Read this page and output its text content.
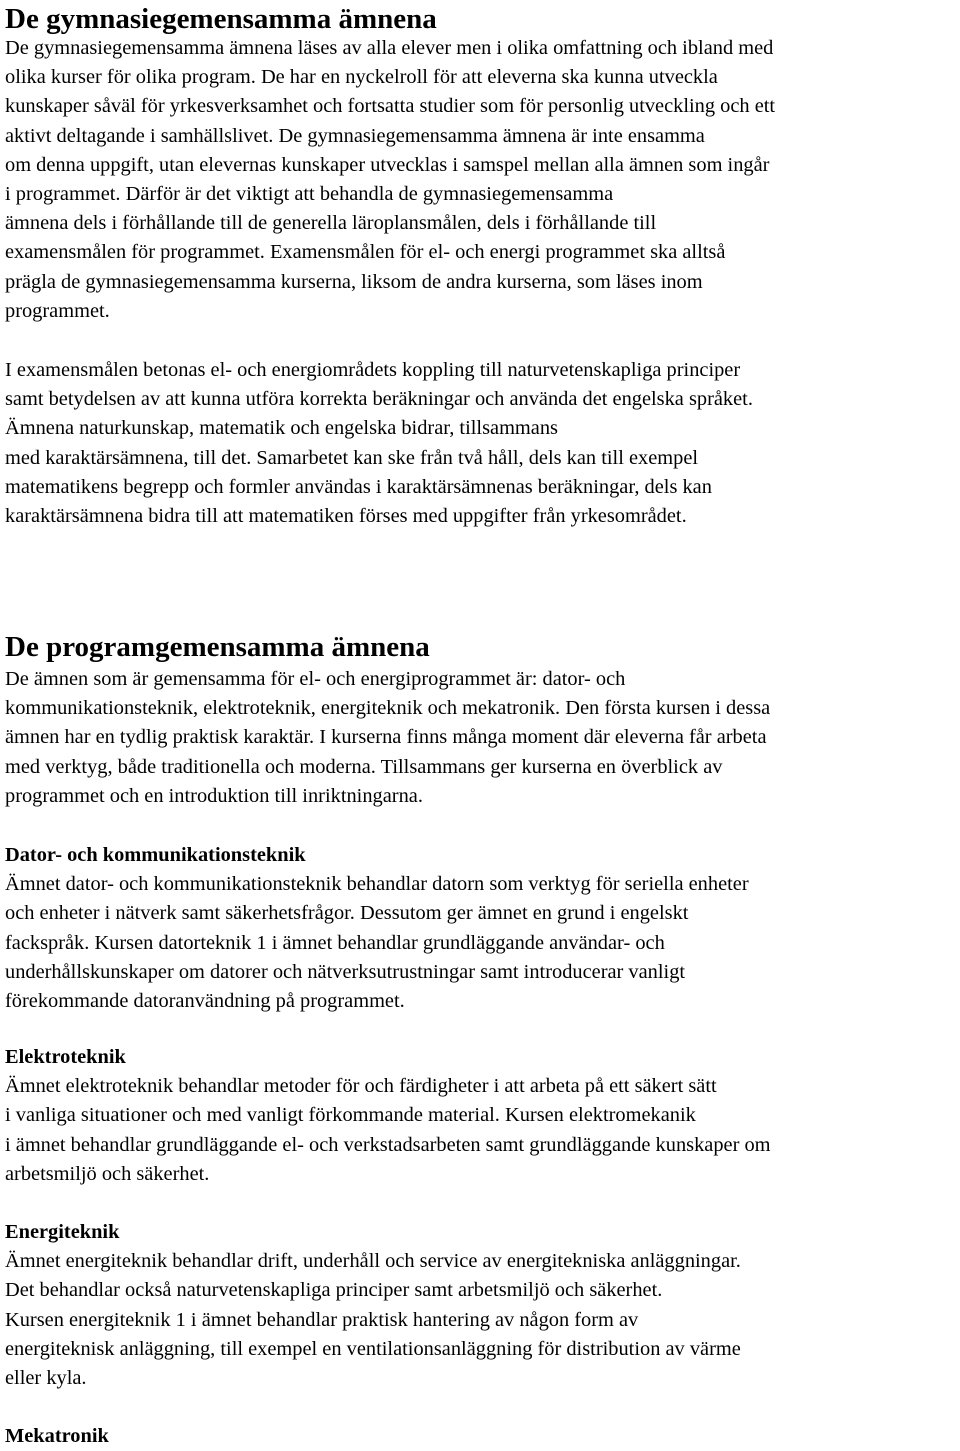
De gymnasiegemensamma ämnena

De gymnasiegemensamma ämnena läses av alla elever men i olika omfattning och ibland med
olika kurser för olika program. De har en nyckelroll för att eleverna ska kunna utveckla
kunskaper såväl för yrkesverksamhet och fortsatta studier som för personlig utveckling och ett
aktivt deltagande i samhällslivet. De gymnasiegemensamma ämnena är inte ensamma
om denna uppgift, utan elevernas kunskaper utvecklas i samspel mellan alla ämnen som ingår
i programmet. Därför är det viktigt att behandla de gymnasiegemensamma
ämnena dels i förhållande till de generella läroplansmålen, dels i förhållande till
examensmålen för programmet. Examensmålen för el- och energi programmet ska alltså
prägla de gymnasiegemensamma kurserna, liksom de andra kurserna, som läses inom
programmet.

I examensmålen betonas el- och energiområdets koppling till naturvetenskapliga principer
samt betydelsen av att kunna utföra korrekta beräkningar och använda det engelska språket.
Ämnena naturkunskap, matematik och engelska bidrar, tillsammans
med karaktärsämnena, till det. Samarbetet kan ske från två håll, dels kan till exempel
matematikens begrepp och formler användas i karaktärsämnenas beräkningar, dels kan
karaktärsämnena bidra till att matematiken förses med uppgifter från yrkesområdet.

De programgemensamma ämnena

De ämnen som är gemensamma för el- och energiprogrammet är: dator- och
kommunikationsteknik, elektroteknik, energiteknik och mekatronik. Den första kursen i dessa
ämnen har en tydlig praktisk karaktär. I kurserna finns många moment där eleverna får arbeta
med verktyg, både traditionella och moderna. Tillsammans ger kurserna en överblick av
programmet och en introduktion till inriktningarna.

Dator- och kommunikationsteknik

Ämnet dator- och kommunikationsteknik behandlar datorn som verktyg för seriella enheter
och enheter i nätverk samt säkerhetsfrågor. Dessutom ger ämnet en grund i engelskt
fackspråk. Kursen datorteknik 1 i ämnet behandlar grundläggande användar- och
underhållskunskaper om datorer och nätverksutrustningar samt introducerar vanligt
förekommande datoranvändning på programmet.

Elektroteknik

Ämnet elektroteknik behandlar metoder för och färdigheter i att arbeta på ett säkert sätt
i vanliga situationer och med vanligt förkommande material. Kursen elektromekanik
i ämnet behandlar grundläggande el- och verkstadsarbeten samt grundläggande kunskaper om
arbetsmiljö och säkerhet.

Energiteknik

Ämnet energiteknik behandlar drift, underhåll och service av energitekniska anläggningar.
Det behandlar också naturvetenskapliga principer samt arbetsmiljö och säkerhet.
Kursen energiteknik 1 i ämnet behandlar praktisk hantering av någon form av
energiteknisk anläggning, till exempel en ventilationsanläggning för distribution av värme
eller kyla.

Mekatronik
